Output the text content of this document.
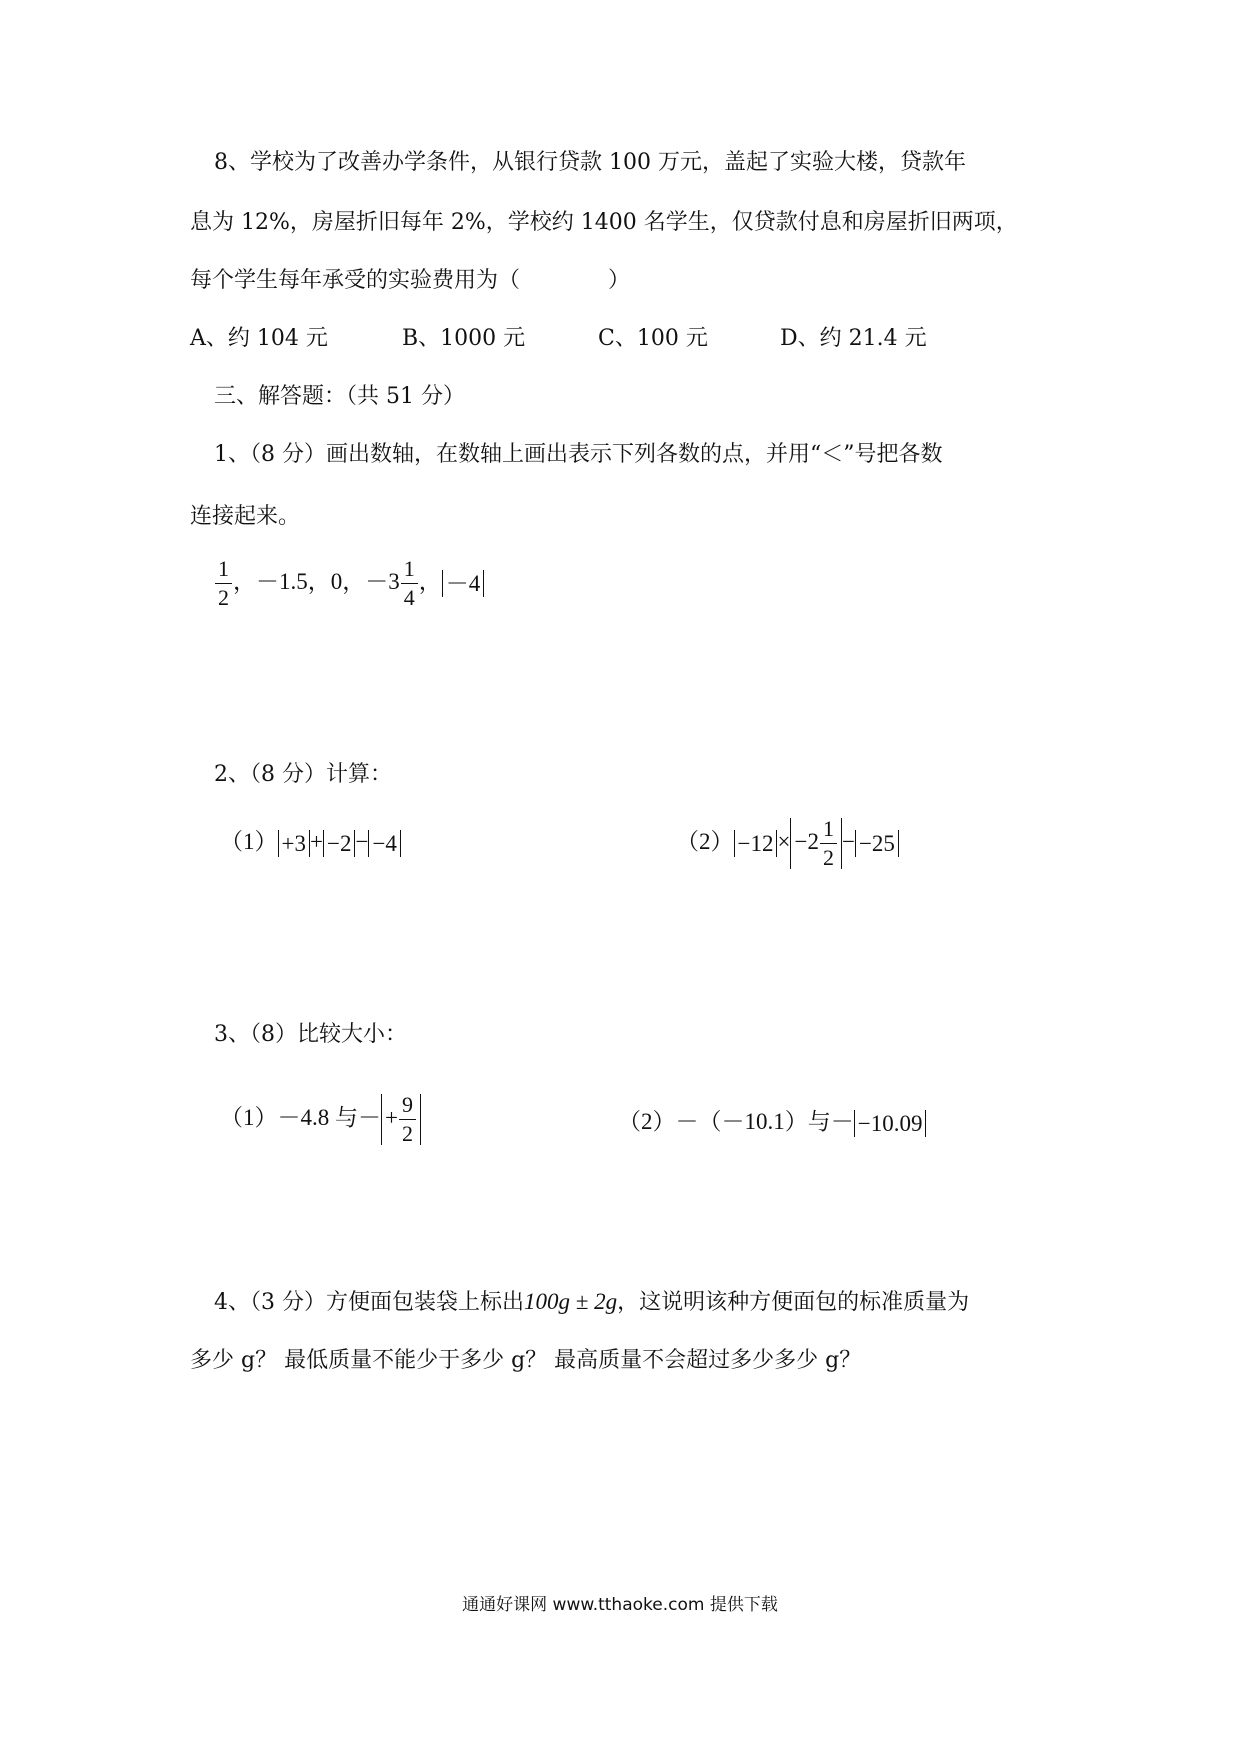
8、学校为了改善办学条件，从银行贷款 100 万元，盖起了实验大楼，贷款年
息为 12%，房屋折旧每年 2%，学校约 1400 名学生，仅贷款付息和房屋折旧两项，
每个学生每年承受的实验费用为（　　　　）
A、约 104 元	B、1000 元	C、100 元	D、约 21.4 元
三、解答题：（共 51 分）
1、（8 分）画出数轴，在数轴上画出表示下列各数的点，并用“＜”号把各数
连接起来。
$\frac{1}{2}$ ，－1.5，0，$-3 \frac{1}{4}$ ， －4
2、（8 分）计算：
（1） +3 + −2 − −4	$(2) -12 \times -2 \frac{1}{2} - -25$
3、（8）比较大小：
（1）－4.8 与－ + $\frac{9}{2}$	（2）－（－10.1）与－ −10.09
4、（3 分）方便面包装袋上标出100g ± 2g，这说明该种方便面包的标准质量为
多少 g？ 最低质量不能少于多少 g？ 最高质量不会超过多少多少 g？
通通好课网 www.tthaoke.com 提供下载
